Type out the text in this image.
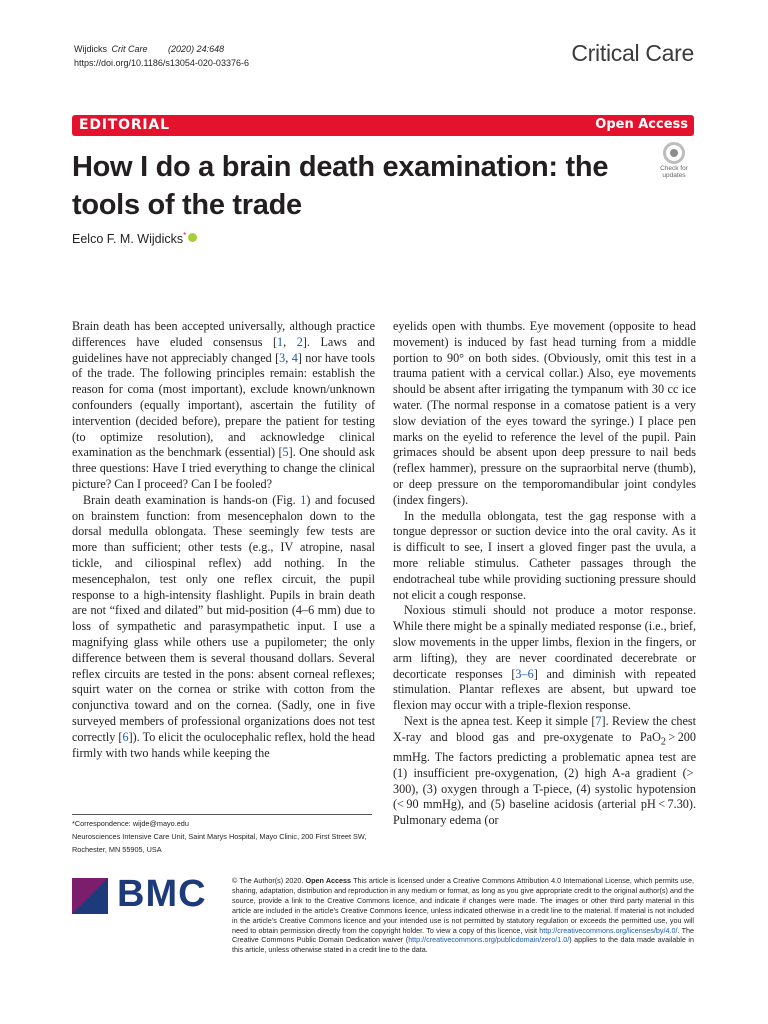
Wijdicks Crit Care (2020) 24:648
https://doi.org/10.1186/s13054-020-03376-6	Critical Care
EDITORIAL	Open Access
How I do a brain death examination: the tools of the trade
Check for
updates
Eelco F. M. Wijdicks*

Brain death has been accepted universally, although practice differences have eluded consensus [1, 2]. Laws and guidelines have not appreciably changed [3, 4] nor have tools of the trade. The following principles remain: establish the reason for coma (most important), exclude known/unknown confounders (equally important), ascertain the futility of intervention (decided before), prepare the patient for testing (to optimize resolution), and acknowledge clinical examination as the benchmark (essential) [5]. One should ask three questions: Have I tried everything to change the clinical picture? Can I proceed? Can I be fooled?

Brain death examination is hands-on (Fig. 1) and focused on brainstem function: from mesencephalon down to the dorsal medulla oblongata. These seemingly few tests are more than sufficient; other tests (e.g., IV atropine, nasal tickle, and ciliospinal reflex) add nothing. In the mesencephalon, test only one reflex circuit, the pupil response to a high-intensity flashlight. Pupils in brain death are not “fixed and dilated” but mid-position (4–6 mm) due to loss of sympathetic and parasympathetic input. I use a magnifying glass while others use a pupilometer; the only difference between them is several thousand dollars. Several reflex circuits are tested in the pons: absent corneal reflexes; squirt water on the cornea or strike with cotton from the conjunctiva toward and on the cornea. (Sadly, one in five surveyed members of professional organizations does not test correctly [6]). To elicit the oculocephalic reflex, hold the head firmly with two hands while keeping the

eyelids open with thumbs. Eye movement (opposite to head movement) is induced by fast head turning from a middle portion to 90° on both sides. (Obviously, omit this test in a trauma patient with a cervical collar.) Also, eye movements should be absent after irrigating the tympanum with 30 cc ice water. (The normal response in a comatose patient is a very slow deviation of the eyes toward the syringe.) I place pen marks on the eyelid to reference the level of the pupil. Pain grimaces should be absent upon deep pressure to nail beds (reflex hammer), pressure on the supraorbital nerve (thumb), or deep pressure on the temporomandibular joint condyles (index fingers).

In the medulla oblongata, test the gag response with a tongue depressor or suction device into the oral cavity. As it is difficult to see, I insert a gloved finger past the uvula, a more reliable stimulus. Catheter passages through the endotracheal tube while providing suctioning pressure should not elicit a cough response.

Noxious stimuli should not produce a motor response. While there might be a spinally mediated response (i.e., brief, slow movements in the upper limbs, flexion in the fingers, or arm lifting), they are never coordinated decerebrate or decorticate responses [3–6] and diminish with repeated stimulation. Plantar reflexes are absent, but upward toe flexion may occur with a triple-flexion response.

Next is the apnea test. Keep it simple [7]. Review the chest X-ray and blood gas and pre-oxygenate to PaO$_2$ > 200 mmHg. The factors predicting a problematic apnea test are (1) insufficient pre-oxygenation, (2) high A-a gradient (> 300), (3) oxygen through a T-piece, (4) systolic hypotension (< 90 mmHg), and (5) baseline acidosis (arterial pH < 7.30). Pulmonary edema (or

*Correspondence: wijde@mayo.edu
Neurosciences Intensive Care Unit, Saint Marys Hospital, Mayo Clinic, 200 First Street SW, Rochester, MN 55905, USA
BMC	© The Author(s) 2020. Open Access This article is licensed under a Creative Commons Attribution 4.0 International License, which permits use, sharing, adaptation, distribution and reproduction in any medium or format, as long as you give appropriate credit to the original author(s) and the source, provide a link to the Creative Commons licence, and indicate if changes were made. The images or other third party material in this article are included in the article’s Creative Commons licence, unless indicated otherwise in a credit line to the material. If material is not included in the article’s Creative Commons licence and your intended use is not permitted by statutory regulation or exceeds the permitted use, you will need to obtain permission directly from the copyright holder. To view a copy of this licence, visit http://creativecommons.org/licenses/by/4.0/. The Creative Commons Public Domain Dedication waiver (http://creativecommons.org/publicdomain/zero/1.0/) applies to the data made available in this article, unless otherwise stated in a credit line to the data.
